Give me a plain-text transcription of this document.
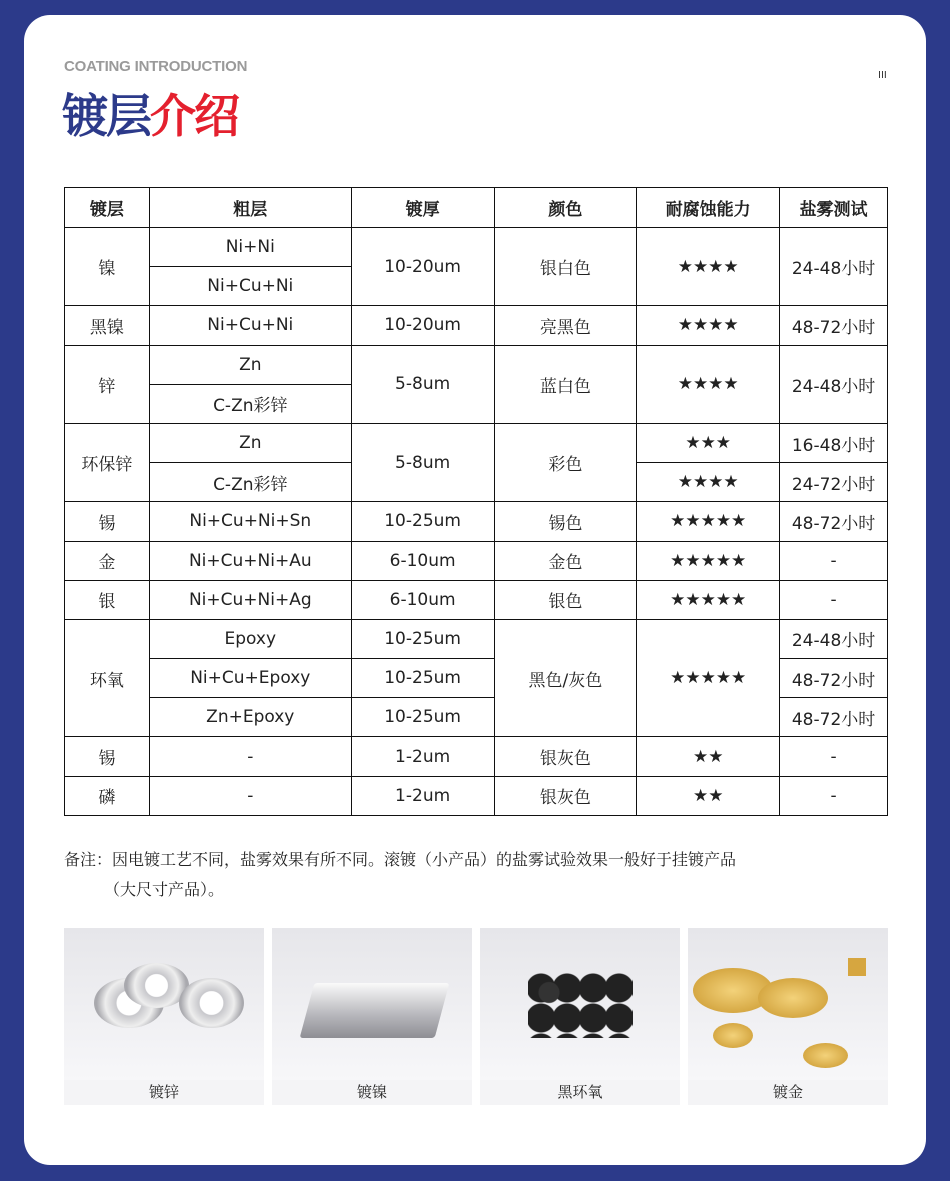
COATING INTRODUCTION
镀层介绍
III
镀层	粗层	镀厚	颜色	耐腐蚀能力	盐雾测试
镍	Ni+Ni	10-20um	银白色	★★★★	24-48小时
	Ni+Cu+Ni				
黑镍	Ni+Cu+Ni	10-20um	亮黑色	★★★★	48-72小时
锌	Zn	5-8um	蓝白色	★★★★	24-48小时
	C-Zn彩锌				
环保锌	Zn	5-8um	彩色	★★★	16-48小时
	C-Zn彩锌			★★★★	24-72小时
锡	Ni+Cu+Ni+Sn	10-25um	锡色	★★★★★	48-72小时
金	Ni+Cu+Ni+Au	6-10um	金色	★★★★★	-
银	Ni+Cu+Ni+Ag	6-10um	银色	★★★★★	-
环氧	Epoxy	10-25um	黑色/灰色	★★★★★	24-48小时
	Ni+Cu+Epoxy	10-25um			48-72小时
	Zn+Epoxy	10-25um			48-72小时
锡	-	1-2um	银灰色	★★	-
磷	-	1-2um	银灰色	★★	-
备注：因电镀工艺不同，盐雾效果有所不同。滚镀（小产品）的盐雾试验效果一般好于挂镀产品
（大尺寸产品）。
镀锌	镀镍	黑环氧	镀金
